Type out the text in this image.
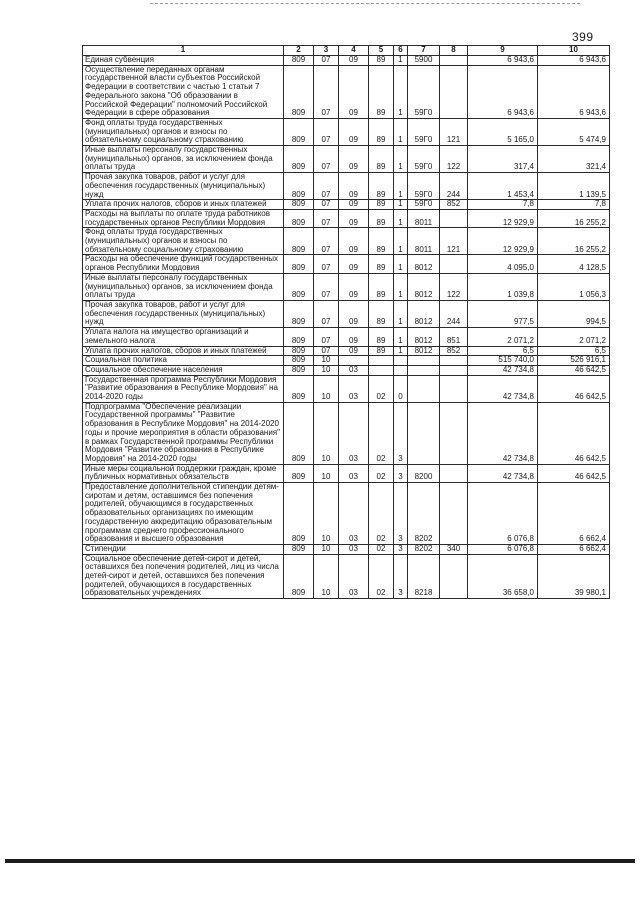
399
1	2	3	4	5	6	7	8	9	10
Единая субвенция	809	07	09	89	1	5900		6 943,6	6 943,6
Осуществление переданных органам государственной власти субъектов Российской Федерации в соответствии с частью 1 статьи 7 Федерального закона "Об образовании в Российской Федерации" полномочий Российской Федерации в сфере образования	809	07	09	89	1	59Г0		6 943,6	6 943,6
Фонд оплаты труда государственных (муниципальных) органов и взносы по обязательному социальному страхованию	809	07	09	89	1	59Г0	121	5 165,0	5 474,9
Иные выплаты персоналу государственных (муниципальных) органов, за исключением фонда оплаты труда	809	07	09	89	1	59Г0	122	317,4	321,4
Прочая закупка товаров, работ и услуг для обеспечения государственных (муниципальных) нужд	809	07	09	89	1	59Г0	244	1 453,4	1 139,5
Уплата прочих налогов, сборов и иных платежей	809	07	09	89	1	59Г0	852	7,8	7,8
Расходы на выплаты по оплате труда работников государственных органов Республики Мордовия	809	07	09	89	1	8011		12 929,9	16 255,2
Фонд оплаты труда государственных (муниципальных) органов и взносы по обязательному социальному страхованию	809	07	09	89	1	8011	121	12 929,9	16 255,2
Расходы на обеспечение функций государственных органов Республики Мордовия	809	07	09	89	1	8012		4 095,0	4 128,5
Иные выплаты персоналу государственных (муниципальных) органов, за исключением фонда оплаты труда	809	07	09	89	1	8012	122	1 039,8	1 056,3
Прочая закупка товаров, работ и услуг для обеспечения государственных (муниципальных) нужд	809	07	09	89	1	8012	244	977,5	994,5
Уплата налога на имущество организаций и земельного налога	809	07	09	89	1	8012	851	2 071,2	2 071,2
Уплата прочих налогов, сборов и иных платежей	809	07	09	89	1	8012	852	6,5	6,5
Социальная политика	809	10						515 740,0	526 916,1
Социальное обеспечение населения	809	10	03					42 734,8	46 642,5
Государственная программа Республики Мордовия "Развитие образования в Республике Мордовия" на 2014-2020 годы	809	10	03	02	0			42 734,8	46 642,5
Подпрограмма "Обеспечение реализации Государственной программы" "Развитие образования в Республике Мордовия" на 2014-2020 годы и прочие мероприятия в области образования" в рамках Государственной программы Республики Мордовия "Развитие образования в Республике Мордовия" на 2014-2020 годы	809	10	03	02	3			42 734,8	46 642,5
Иные меры социальной поддержки граждан, кроме публичных нормативных обязательств	809	10	03	02	3	8200		42 734,8	46 642,5
Предоставление дополнительной стипендии детям-сиротам и детям, оставшимся без попечения родителей, обучающимся в государственных образовательных организациях по имеющим государственную аккредитацию образовательным программам среднего профессионального образования и высшего образования	809	10	03	02	3	8202		6 076,8	6 662,4
Стипендии	809	10	03	02	3	8202	340	6 076,8	6 662,4
Социальное обеспечение детей-сирот и детей, оставшихся без попечения родителей, лиц из числа детей-сирот и детей, оставшихся без попечения родителей, обучающихся в государственных образовательных учреждениях	809	10	03	02	3	8218		36 658,0	39 980,1
